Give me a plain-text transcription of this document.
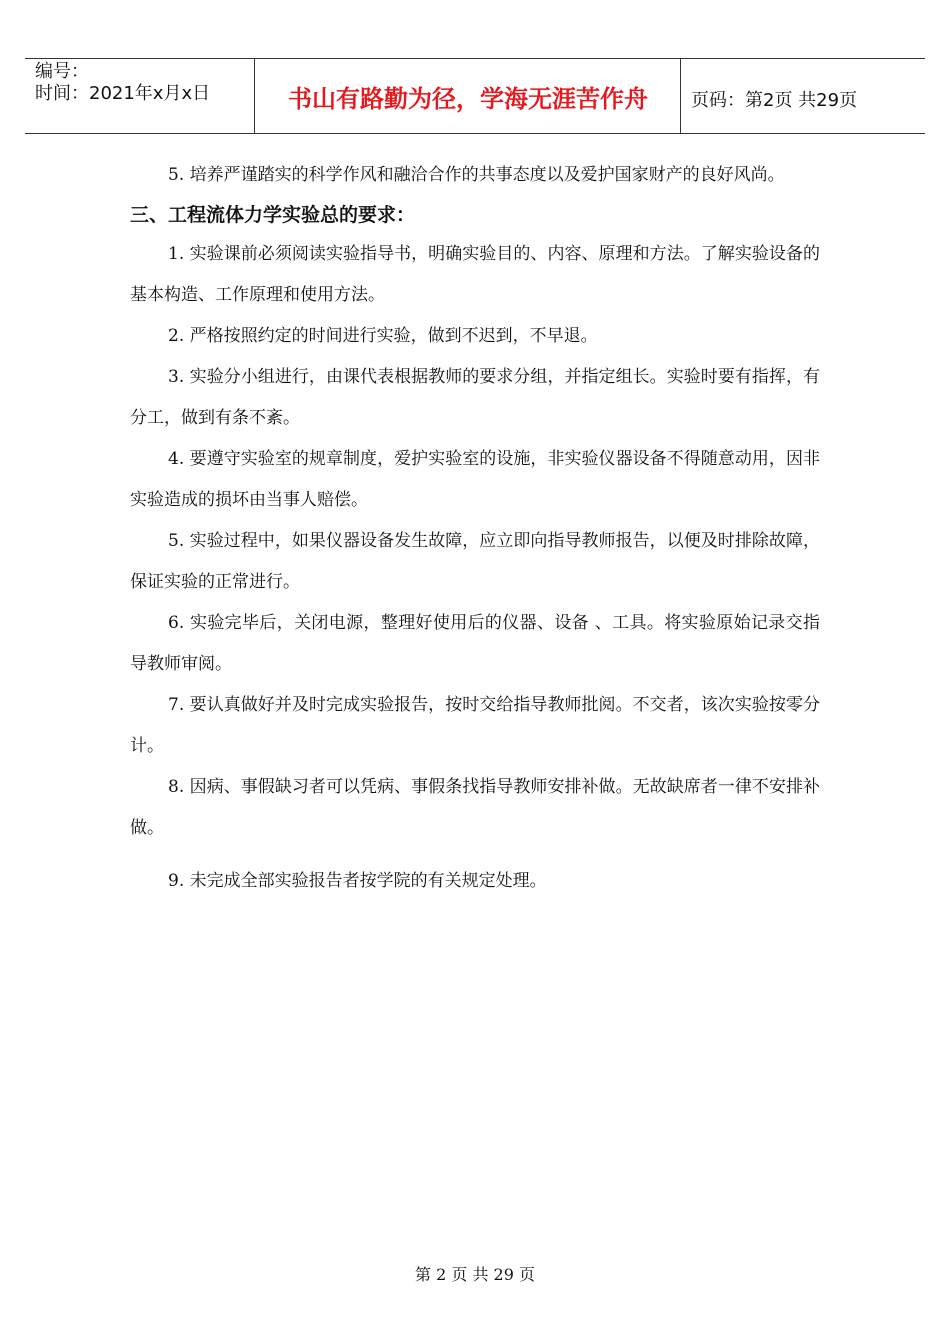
编号：
时间：2021年x月x日	书山有路勤为径，学海无涯苦作舟	页码：第2页 共29页

5. 培养严谨踏实的科学作风和融洽合作的共事态度以及爱护国家财产的良好风尚。

三、工程流体力学实验总的要求：

1. 实验课前必须阅读实验指导书，明确实验目的、内容、原理和方法。了解实验设备的基本构造、工作原理和使用方法。

2. 严格按照约定的时间进行实验，做到不迟到，不早退。

3. 实验分小组进行，由课代表根据教师的要求分组，并指定组长。实验时要有指挥，有分工，做到有条不紊。

4. 要遵守实验室的规章制度，爱护实验室的设施，非实验仪器设备不得随意动用，因非实验造成的损坏由当事人赔偿。

5. 实验过程中，如果仪器设备发生故障，应立即向指导教师报告，以便及时排除故障，保证实验的正常进行。

6. 实验完毕后，关闭电源，整理好使用后的仪器、设备 、工具。将实验原始记录交指导教师审阅。

7. 要认真做好并及时完成实验报告，按时交给指导教师批阅。不交者，该次实验按零分计。

8. 因病、事假缺习者可以凭病、事假条找指导教师安排补做。无故缺席者一律不安排补做。

9. 未完成全部实验报告者按学院的有关规定处理。

第 2 页 共 29 页
